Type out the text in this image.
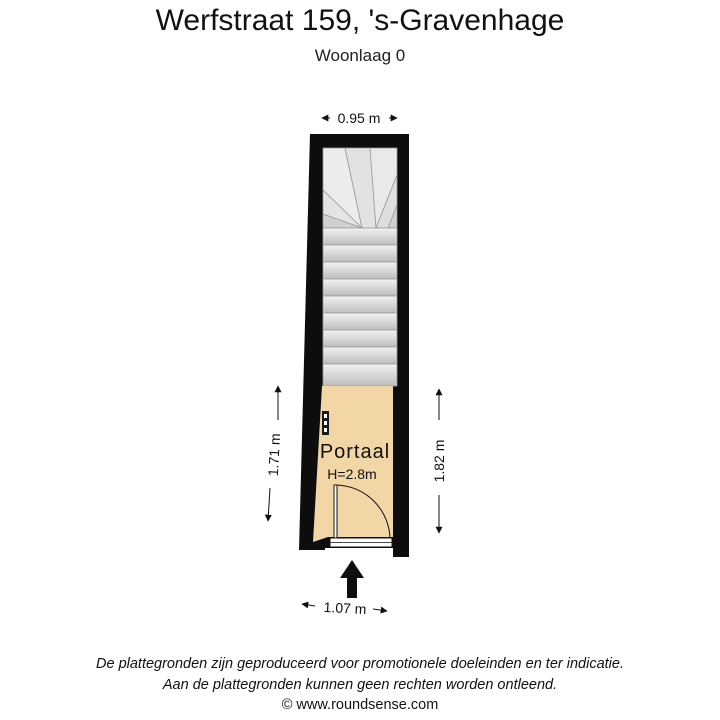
Werfstraat 159, 's-Gravenhage
Woonlaag 0
Portaal
H=2.8m
0.95 m
1.07 m
1.71 m	1.82 m
De plattegronden zijn geproduceerd voor promotionele doeleinden en ter indicatie.
Aan de plattegronden kunnen geen rechten worden ontleend.
© www.roundsense.com
